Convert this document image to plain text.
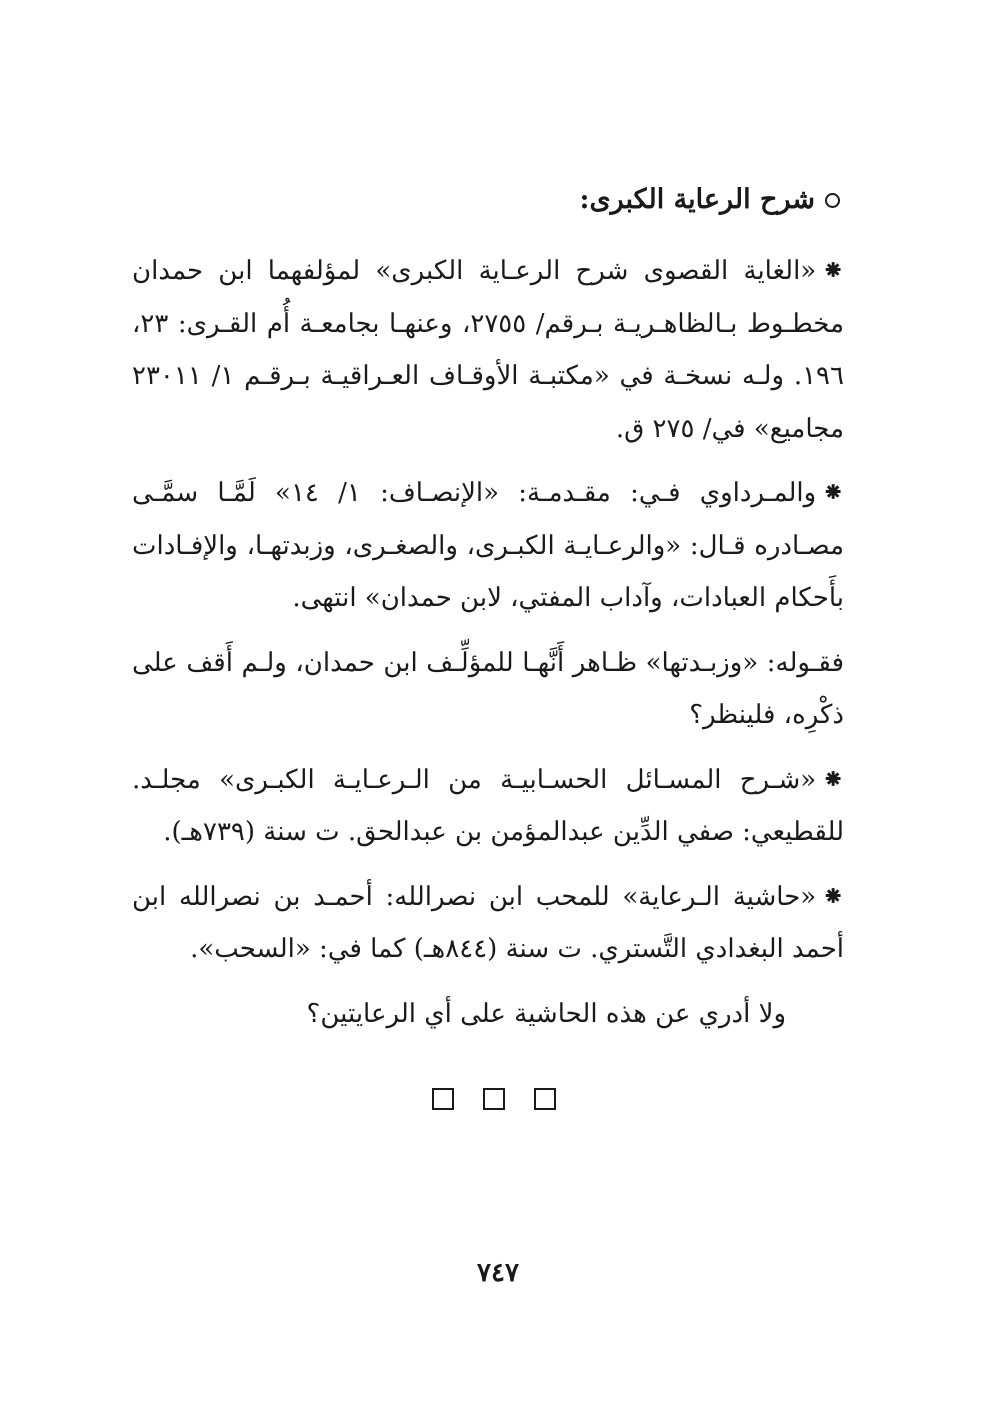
شرح الرعاية الكبرى:

⁕«الغاية القصوى شرح الرعـاية الكبرى» لمؤلفهما ابن حمدان مخطـوط بـالظاهـريـة بـرقم/ ٢٧٥٥، وعنهـا بجامعـة أُم القـرى: ٢٣، ١٩٦. ولـه نسخـة في «مكتبـة الأوقـاف العـراقيـة بـرقـم ١/ ٢٣٠١١ مجاميع» في/ ٢٧٥ ق.

⁕والمـرداوي فـي: مقـدمـة: «الإنصـاف: ١/ ١٤» لَمَّـا سمَّـى مصـادره قـال: «والرعـايـة الكبـرى، والصغـرى، وزبدتهـا، والإفـادات بأَحكام العبادات، وآداب المفتي، لابن حمدان» انتهى.

فقـوله: «وزبـدتها» ظـاهر أَنَّهـا للمؤلِّـف ابن حمدان، ولـم أَقف على ذكْرِه، فلينظر؟

⁕«شـرح المسـائل الحسـابيـة من الـرعـايـة الكبـرى» مجلـد. للقطيعي: صفي الدِّين عبدالمؤمن بن عبدالحق. ت سنة (٧٣٩هـ).

⁕«حاشية الـرعاية» للمحب ابن نصرالله: أحمـد بن نصرالله ابن أحمد البغدادي التَّستري. ت سنة (٨٤٤هـ) كما في: «السحب».

ولا أدري عن هذه الحاشية على أي الرعايتين؟

٧٤٧
